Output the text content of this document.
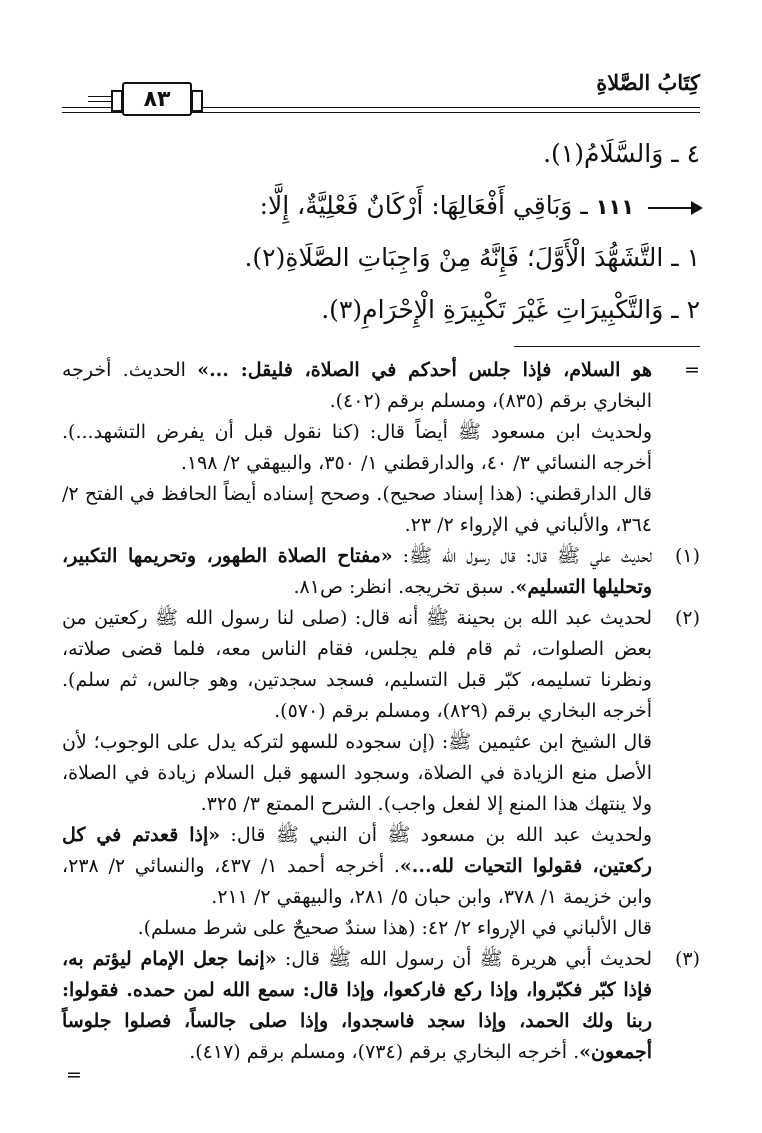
كِتَابُ الصَّلاةِ
٨٣
٤ ـ وَالسَّلَامُ(١).
١١١ ـ وَبَاقِي أَفْعَالِهَا: أَرْكَانٌ فَعْلِيَّةٌ، إِلَّا:
١ ـ التَّشَهُّدَ الْأَوَّلَ؛ فَإِنَّهُ مِنْ وَاجِبَاتِ الصَّلَاةِ(٢).
٢ ـ وَالتَّكْبِيرَاتِ غَيْرَ تَكْبِيرَةِ الْإِحْرَامِ(٣).
=

هو السلام، فإذا جلس أحدكم في الصلاة، فليقل: ...» الحديث. أخرجه البخاري برقم (٨٣٥)، ومسلم برقم (٤٠٢).

ولحديث ابن مسعود ﷺ أيضاً قال: (كنا نقول قبل أن يفرض التشهد...). أخرجه النسائي ٣/ ٤٠، والدارقطني ١/ ٣٥٠، والبيهقي ٢/ ١٩٨.

قال الدارقطني: (هذا إسناد صحيح). وصحح إسناده أيضاً الحافظ في الفتح ٢/ ٣٦٤، والألباني في الإرواء ٢/ ٢٣.

(١)

لحديث علي ﷺ قال: قال رسول الله ﷺ: «مفتاح الصلاة الطهور، وتحريمها التكبير، وتحليلها التسليم». سبق تخريجه. انظر: ص٨١.

(٢)

لحديث عبد الله بن بحينة ﷺ أنه قال: (صلى لنا رسول الله ﷺ ركعتين من بعض الصلوات، ثم قام فلم يجلس، فقام الناس معه، فلما قضى صلاته، ونظرنا تسليمه، كبّر قبل التسليم، فسجد سجدتين، وهو جالس، ثم سلم). أخرجه البخاري برقم (٨٢٩)، ومسلم برقم (٥٧٠).

قال الشيخ ابن عثيمين ﷺ: (إن سجوده للسهو لتركه يدل على الوجوب؛ لأن الأصل منع الزيادة في الصلاة، وسجود السهو قبل السلام زيادة في الصلاة، ولا ينتهك هذا المنع إلا لفعل واجب). الشرح الممتع ٣/ ٣٢٥.

ولحديث عبد الله بن مسعود ﷺ أن النبي ﷺ قال: «إذا قعدتم في كل ركعتين، فقولوا التحيات لله...». أخرجه أحمد ١/ ٤٣٧، والنسائي ٢/ ٢٣٨، وابن خزيمة ١/ ٣٧٨، وابن حبان ٥/ ٢٨١، والبيهقي ٢/ ٢١١.

قال الألباني في الإرواء ٢/ ٤٢: (هذا سندٌ صحيحٌ على شرط مسلم).

(٣)

لحديث أبي هريرة ﷺ أن رسول الله ﷺ قال: «إنما جعل الإمام ليؤتم به، فإذا كبّر فكبّروا، وإذا ركع فاركعوا، وإذا قال: سمع الله لمن حمده. فقولوا: ربنا ولك الحمد، وإذا سجد فاسجدوا، وإذا صلى جالساً، فصلوا جلوساً أجمعون». أخرجه البخاري برقم (٧٣٤)، ومسلم برقم (٤١٧).

=
